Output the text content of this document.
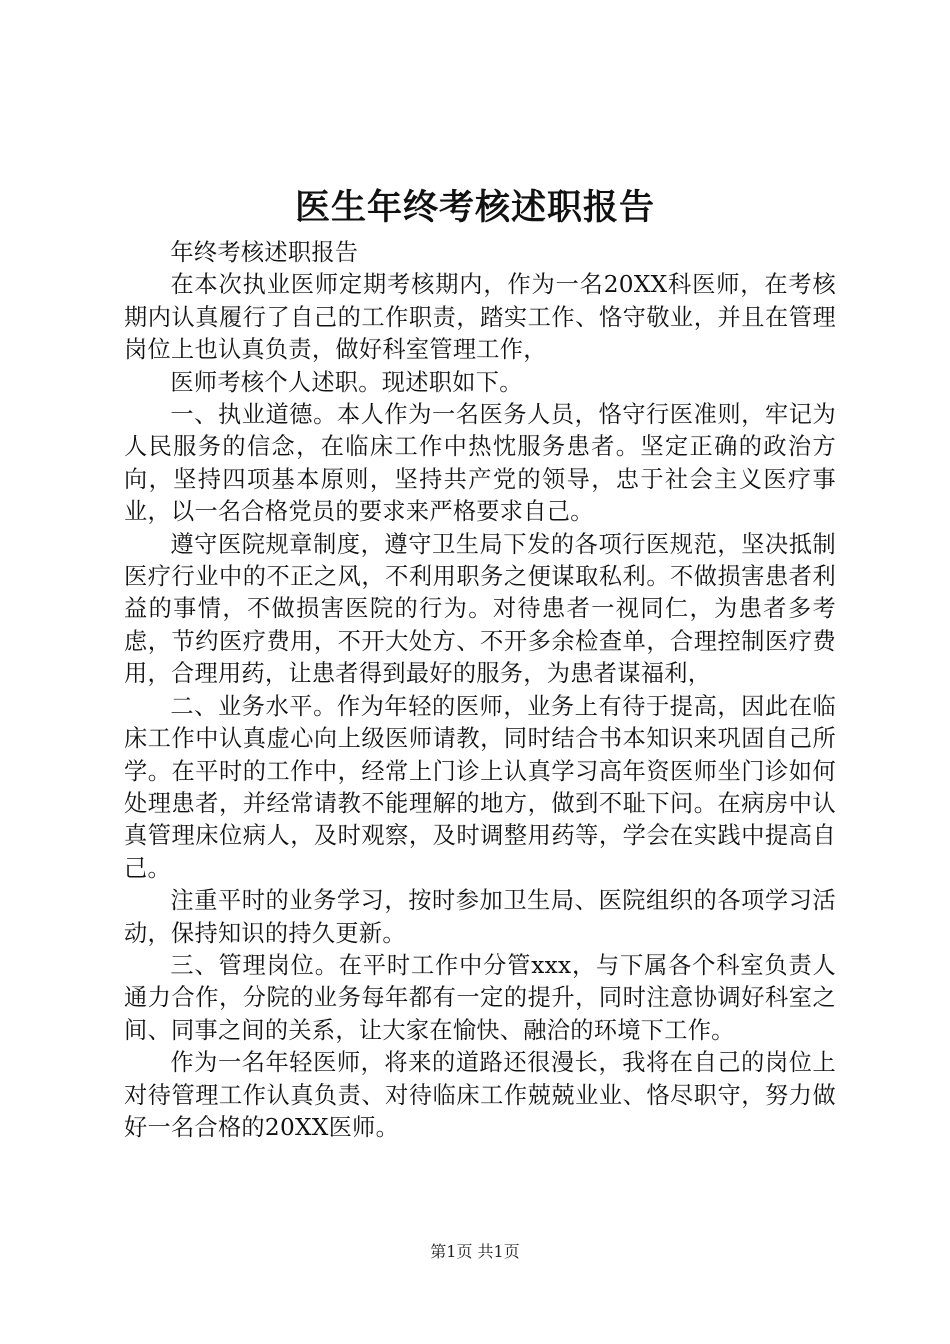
医生年终考核述职报告

年终考核述职报告

在本次执业医师定期考核期内，作为一名20XX科医师，在考核期内认真履行了自己的工作职责，踏实工作、恪守敬业，并且在管理岗位上也认真负责，做好科室管理工作，

医师考核个人述职。现述职如下。

一、执业道德。本人作为一名医务人员，恪守行医准则，牢记为人民服务的信念，在临床工作中热忱服务患者。坚定正确的政治方向，坚持四项基本原则，坚持共产党的领导，忠于社会主义医疗事业，以一名合格党员的要求来严格要求自己。

遵守医院规章制度，遵守卫生局下发的各项行医规范，坚决抵制医疗行业中的不正之风，不利用职务之便谋取私利。不做损害患者利益的事情，不做损害医院的行为。对待患者一视同仁，为患者多考虑，节约医疗费用，不开大处方、不开多余检查单，合理控制医疗费用，合理用药，让患者得到最好的服务，为患者谋福利，

二、业务水平。作为年轻的医师，业务上有待于提高，因此在临床工作中认真虚心向上级医师请教，同时结合书本知识来巩固自己所学。在平时的工作中，经常上门诊上认真学习高年资医师坐门诊如何处理患者，并经常请教不能理解的地方，做到不耻下问。在病房中认真管理床位病人，及时观察，及时调整用药等，学会在实践中提高自己。

注重平时的业务学习，按时参加卫生局、医院组织的各项学习活动，保持知识的持久更新。

三、管理岗位。在平时工作中分管xxx，与下属各个科室负责人通力合作，分院的业务每年都有一定的提升，同时注意协调好科室之间、同事之间的关系，让大家在愉快、融洽的环境下工作。

作为一名年轻医师，将来的道路还很漫长，我将在自己的岗位上对待管理工作认真负责、对待临床工作兢兢业业、恪尽职守，努力做好一名合格的20XX医师。

第1页 共1页
